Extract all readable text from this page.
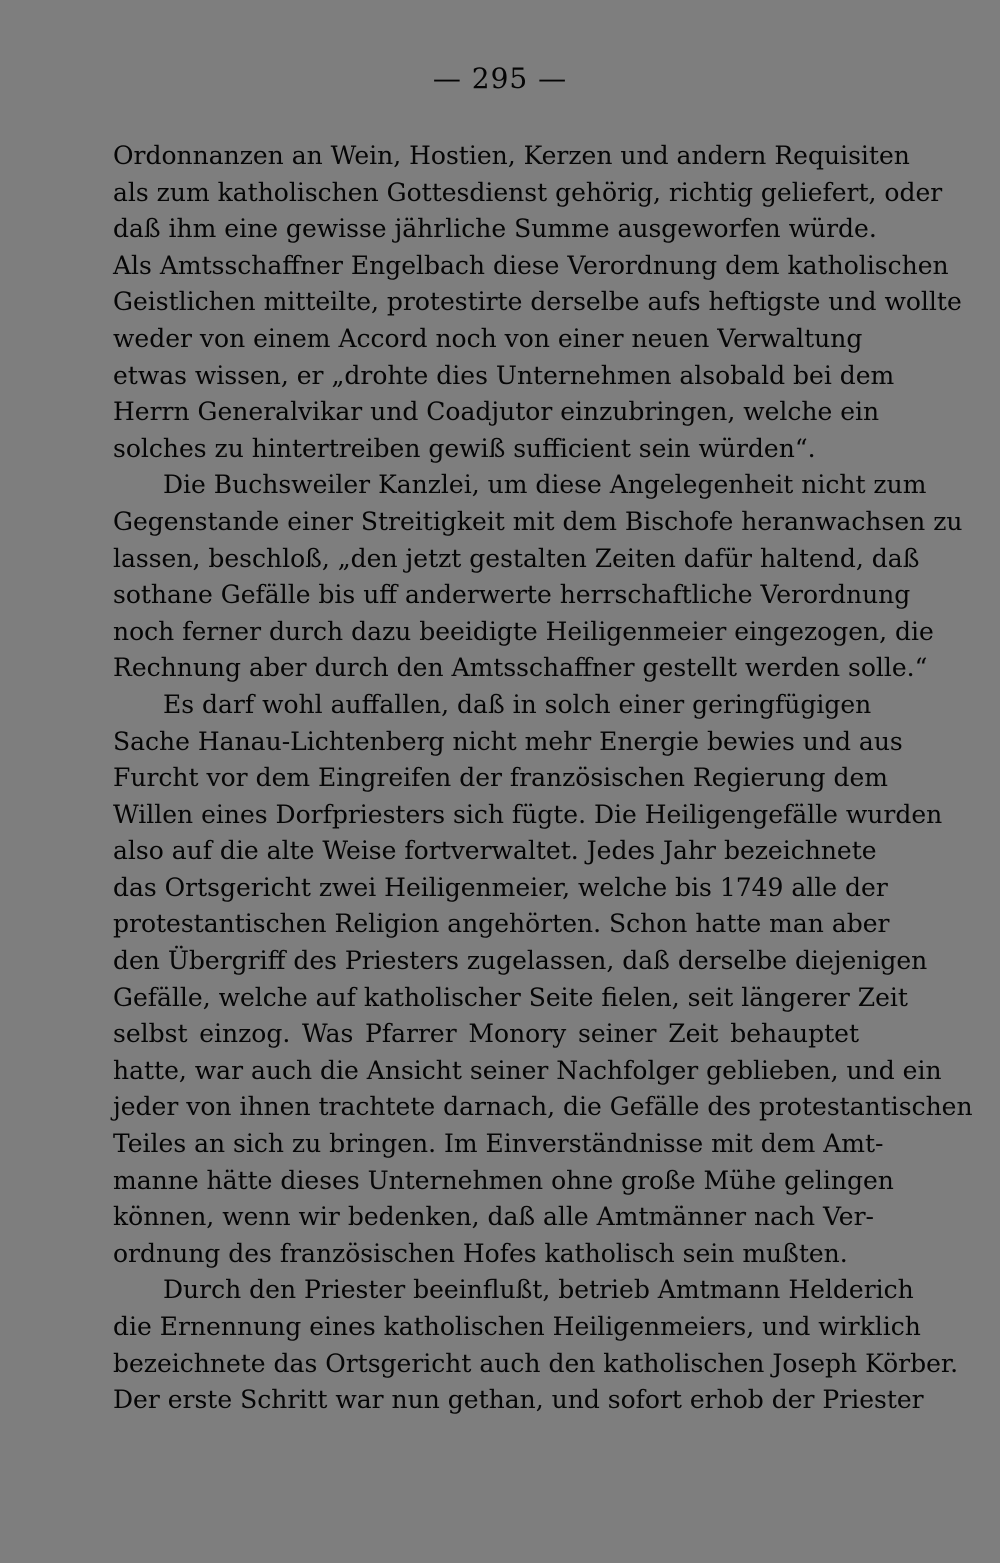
— 295 —
Ordonnanzen an Wein, Hostien, Kerzen und andern Requisiten
als zum katholischen Gottesdienst gehörig, richtig geliefert, oder
daß ihm eine gewisse jährliche Summe ausgeworfen würde.
Als Amtsschaffner Engelbach diese Verordnung dem katholischen
Geistlichen mitteilte, protestirte derselbe aufs heftigste und wollte
weder von einem Accord noch von einer neuen Verwaltung
etwas wissen, er „drohte dies Unternehmen alsobald bei dem
Herrn Generalvikar und Coadjutor einzubringen, welche ein
solches zu hintertreiben gewiß sufficient sein würden“.
Die Buchsweiler Kanzlei, um diese Angelegenheit nicht zum
Gegenstande einer Streitigkeit mit dem Bischofe heranwachsen zu
lassen, beschloß, „den jetzt gestalten Zeiten dafür haltend, daß
sothane Gefälle bis uff anderwerte herrschaftliche Verordnung
noch ferner durch dazu beeidigte Heiligenmeier eingezogen, die
Rechnung aber durch den Amtsschaffner gestellt werden solle.“
Es darf wohl auffallen, daß in solch einer geringfügigen
Sache Hanau-Lichtenberg nicht mehr Energie bewies und aus
Furcht vor dem Eingreifen der französischen Regierung dem
Willen eines Dorfpriesters sich fügte. Die Heiligengefälle wurden
also auf die alte Weise fortverwaltet. Jedes Jahr bezeichnete
das Ortsgericht zwei Heiligenmeier, welche bis 1749 alle der
protestantischen Religion angehörten. Schon hatte man aber
den Übergriff des Priesters zugelassen, daß derselbe diejenigen
Gefälle, welche auf katholischer Seite fielen, seit längerer Zeit
selbst einzog. Was Pfarrer Monory seiner Zeit behauptet
hatte, war auch die Ansicht seiner Nachfolger geblieben, und ein
jeder von ihnen trachtete darnach, die Gefälle des protestantischen
Teiles an sich zu bringen. Im Einverständnisse mit dem Amt-
manne hätte dieses Unternehmen ohne große Mühe gelingen
können, wenn wir bedenken, daß alle Amtmänner nach Ver-
ordnung des französischen Hofes katholisch sein mußten.
Durch den Priester beeinflußt, betrieb Amtmann Helderich
die Ernennung eines katholischen Heiligenmeiers, und wirklich
bezeichnete das Ortsgericht auch den katholischen Joseph Körber.
Der erste Schritt war nun gethan, und sofort erhob der Priester
